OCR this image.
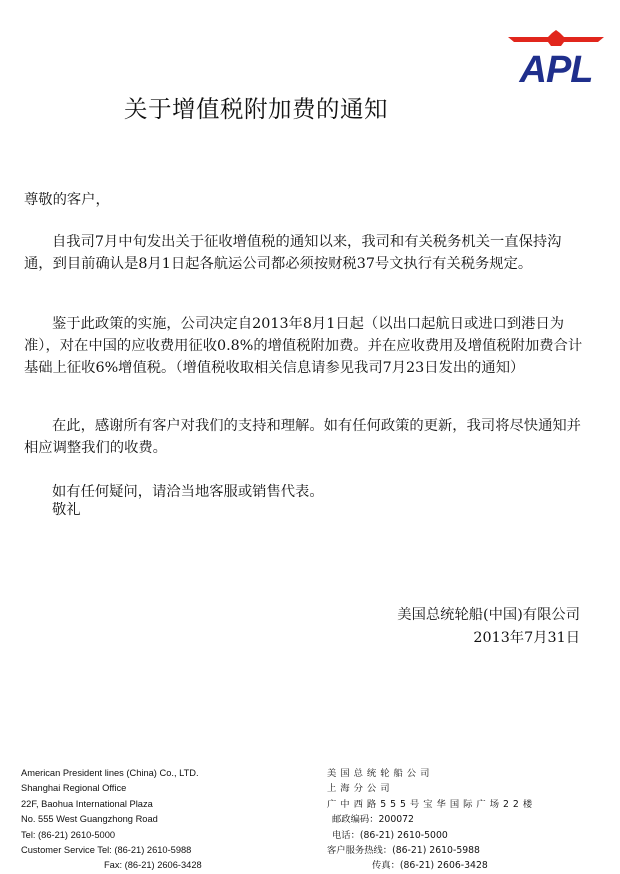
APL
关于增值税附加费的通知
尊敬的客户，
自我司7月中旬发出关于征收增值税的通知以来，我司和有关税务机关一直保持沟通，到目前确认是8月1日起各航运公司都必须按财税37号文执行有关税务规定。
鉴于此政策的实施，公司决定自2013年8月1日起（以出口起航日或进口到港日为准），对在中国的应收费用征收0.8%的增值税附加费。并在应收费用及增值税附加费合计基础上征收6%增值税。（增值税收取相关信息请参见我司7月23日发出的通知）
在此，感谢所有客户对我们的支持和理解。如有任何政策的更新，我司将尽快通知并相应调整我们的收费。
如有任何疑问，请洽当地客服或销售代表。
敬礼
美国总统轮船(中国)有限公司
2013年7月31日
American President lines (China) Co., LTD.
Shanghai Regional Office
22F, Baohua International Plaza
No. 555 West Guangzhong Road
Tel: (86-21) 2610-5000
Customer Service Tel: (86-21) 2610-5988
Fax: (86-21) 2606-3428
美国总统轮船公司
上海分公司
广中西路555号宝华国际广场22楼
邮政编码：200072
电话：(86-21) 2610-5000
客户服务热线：(86-21) 2610-5988
传真：(86-21) 2606-3428
